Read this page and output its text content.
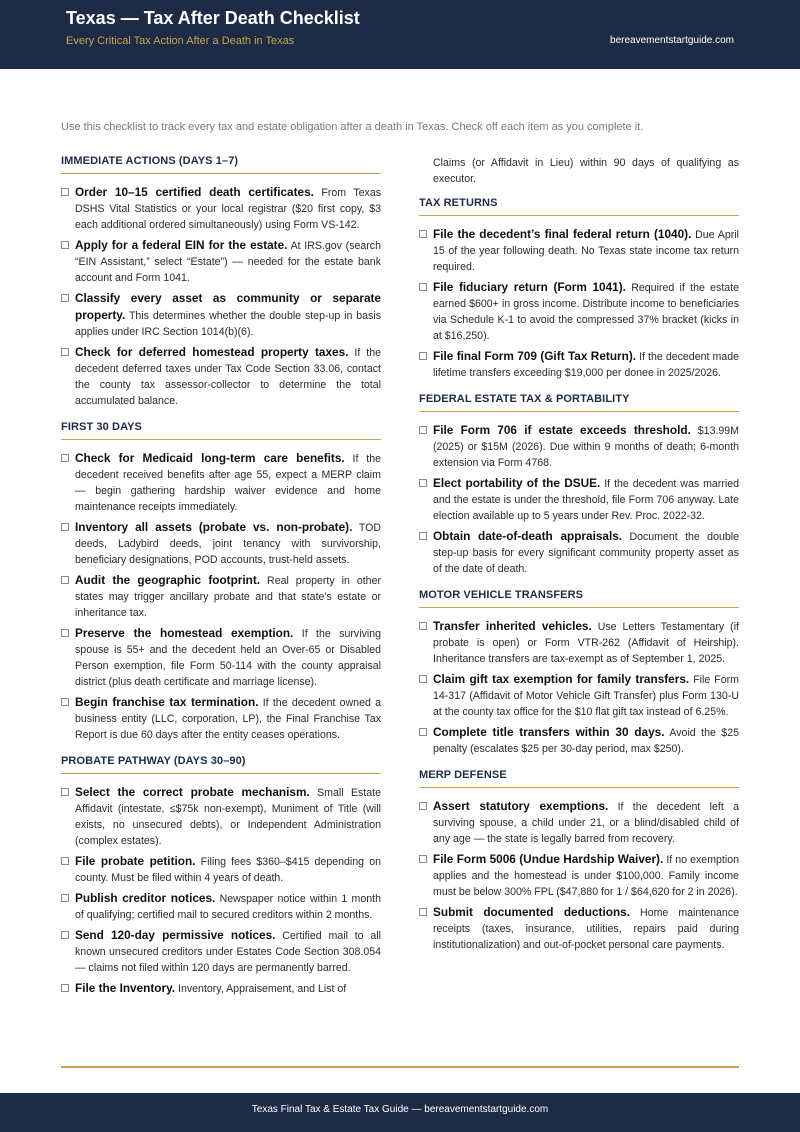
Texas — Tax After Death Checklist
Every Critical Tax Action After a Death in Texas	bereavementstartguide.com
Use this checklist to track every tax and estate obligation after a death in Texas. Check off each item as you complete it.
IMMEDIATE ACTIONS (DAYS 1–7)
Order 10–15 certified death certificates. From Texas DSHS Vital Statistics or your local registrar ($20 first copy, $3 each additional ordered simultaneously) using Form VS-142.
Apply for a federal EIN for the estate. At IRS.gov (search “EIN Assistant,” select “Estate”) — needed for the estate bank account and Form 1041.
Classify every asset as community or separate property. This determines whether the double step-up in basis applies under IRC Section 1014(b)(6).
Check for deferred homestead property taxes. If the decedent deferred taxes under Tax Code Section 33.06, contact the county tax assessor-collector to determine the total accumulated balance.
FIRST 30 DAYS
Check for Medicaid long-term care benefits. If the decedent received benefits after age 55, expect a MERP claim — begin gathering hardship waiver evidence and home maintenance receipts immediately.
Inventory all assets (probate vs. non-probate). TOD deeds, Ladybird deeds, joint tenancy with survivorship, beneficiary designations, POD accounts, trust-held assets.
Audit the geographic footprint. Real property in other states may trigger ancillary probate and that state’s estate or inheritance tax.
Preserve the homestead exemption. If the surviving spouse is 55+ and the decedent held an Over-65 or Disabled Person exemption, file Form 50-114 with the county appraisal district (plus death certificate and marriage license).
Begin franchise tax termination. If the decedent owned a business entity (LLC, corporation, LP), the Final Franchise Tax Report is due 60 days after the entity ceases operations.
PROBATE PATHWAY (DAYS 30–90)
Select the correct probate mechanism. Small Estate Affidavit (intestate, ≤$75k non-exempt), Muniment of Title (will exists, no unsecured debts), or Independent Administration (complex estates).
File probate petition. Filing fees $360–$415 depending on county. Must be filed within 4 years of death.
Publish creditor notices. Newspaper notice within 1 month of qualifying; certified mail to secured creditors within 2 months.
Send 120-day permissive notices. Certified mail to all known unsecured creditors under Estates Code Section 308.054 — claims not filed within 120 days are permanently barred.
File the Inventory. Inventory, Appraisement, and List of
Claims (or Affidavit in Lieu) within 90 days of qualifying as executor.
TAX RETURNS
File the decedent’s final federal return (1040). Due April 15 of the year following death. No Texas state income tax return required.
File fiduciary return (Form 1041). Required if the estate earned $600+ in gross income. Distribute income to beneficiaries via Schedule K-1 to avoid the compressed 37% bracket (kicks in at $16,250).
File final Form 709 (Gift Tax Return). If the decedent made lifetime transfers exceeding $19,000 per donee in 2025/2026.
FEDERAL ESTATE TAX & PORTABILITY
File Form 706 if estate exceeds threshold. $13.99M (2025) or $15M (2026). Due within 9 months of death; 6-month extension via Form 4768.
Elect portability of the DSUE. If the decedent was married and the estate is under the threshold, file Form 706 anyway. Late election available up to 5 years under Rev. Proc. 2022-32.
Obtain date-of-death appraisals. Document the double step-up basis for every significant community property asset as of the date of death.
MOTOR VEHICLE TRANSFERS
Transfer inherited vehicles. Use Letters Testamentary (if probate is open) or Form VTR-262 (Affidavit of Heirship). Inheritance transfers are tax-exempt as of September 1, 2025.
Claim gift tax exemption for family transfers. File Form 14-317 (Affidavit of Motor Vehicle Gift Transfer) plus Form 130-U at the county tax office for the $10 flat gift tax instead of 6.25%.
Complete title transfers within 30 days. Avoid the $25 penalty (escalates $25 per 30-day period, max $250).
MERP DEFENSE
Assert statutory exemptions. If the decedent left a surviving spouse, a child under 21, or a blind/disabled child of any age — the state is legally barred from recovery.
File Form 5006 (Undue Hardship Waiver). If no exemption applies and the homestead is under $100,000. Family income must be below 300% FPL ($47,880 for 1 / $64,620 for 2 in 2026).
Submit documented deductions. Home maintenance receipts (taxes, insurance, utilities, repairs paid during institutionalization) and out-of-pocket personal care payments.
Texas Final Tax & Estate Tax Guide — bereavementstartguide.com
